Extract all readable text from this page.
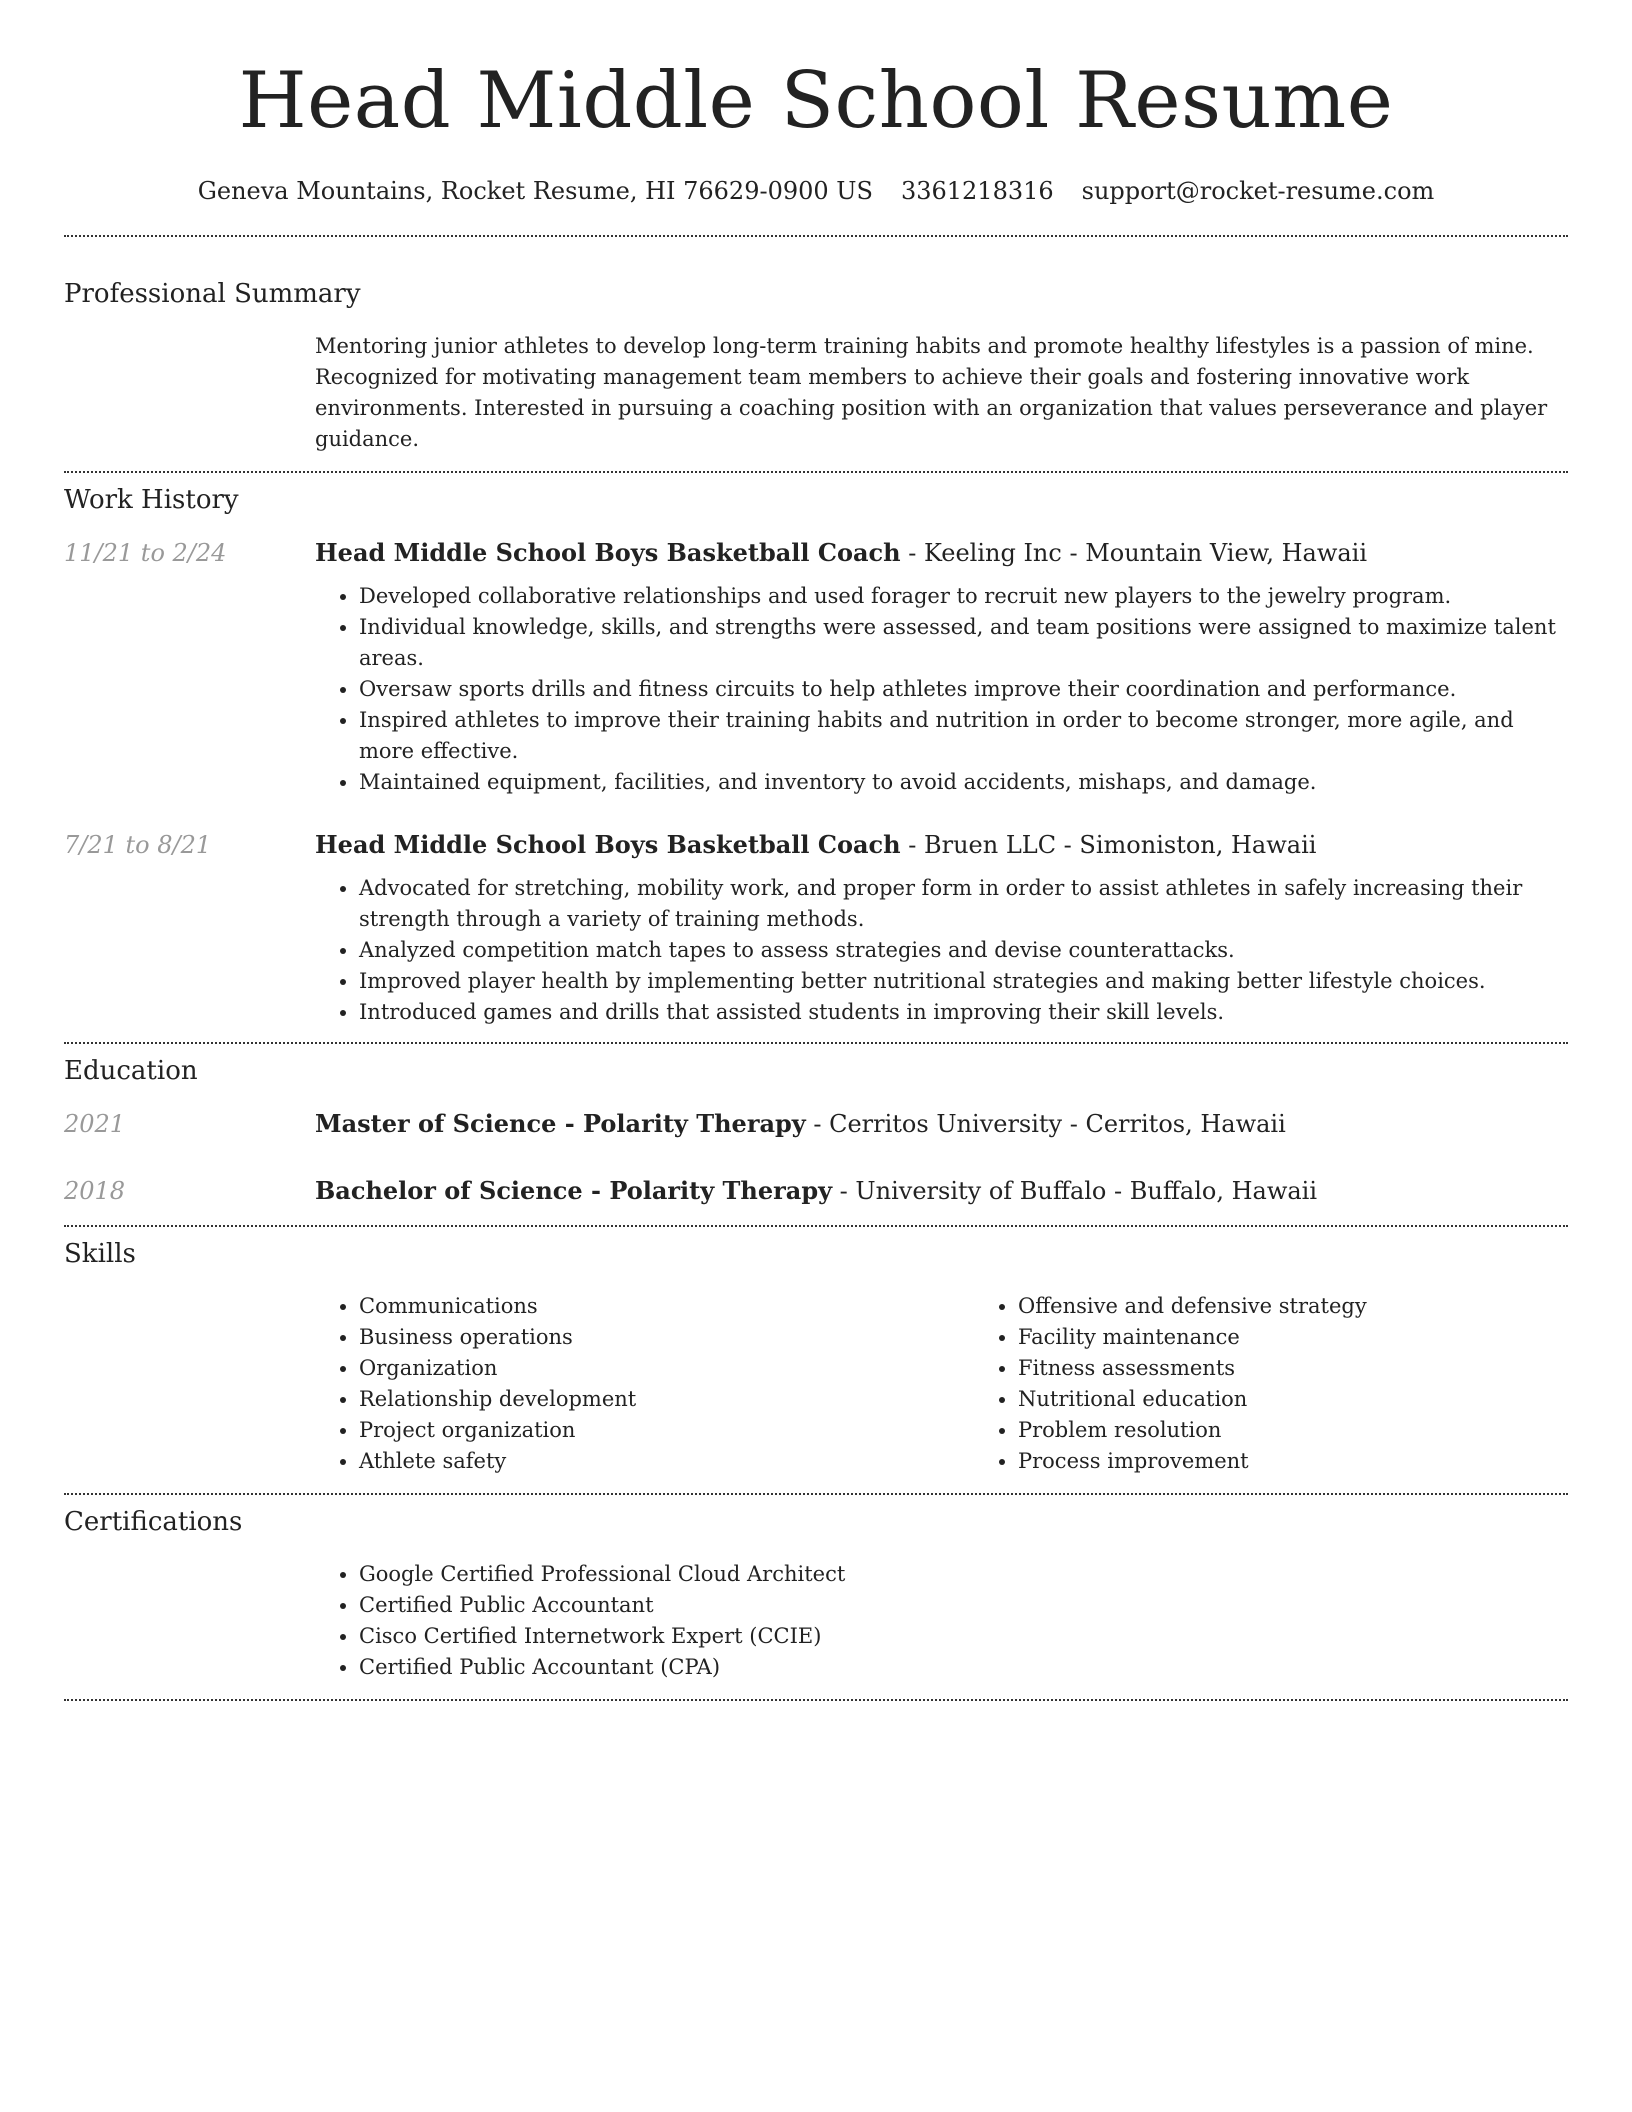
Head Middle School Resume
Geneva Mountains, Rocket Resume, HI 76629-0900 US 3361218316 support@rocket-resume.com
Professional Summary
Mentoring junior athletes to develop long-term training habits and promote healthy lifestyles is a passion of mine. Recognized for motivating management team members to achieve their goals and fostering innovative work environments. Interested in pursuing a coaching position with an organization that values perseverance and player guidance.
Work History
11/21 to 2/24	Head Middle School Boys Basketball Coach - Keeling Inc - Mountain View, Hawaii
• Developed collaborative relationships and used forager to recruit new players to the jewelry program.
• Individual knowledge, skills, and strengths were assessed, and team positions were assigned to maximize talent areas.
• Oversaw sports drills and fitness circuits to help athletes improve their coordination and performance.
• Inspired athletes to improve their training habits and nutrition in order to become stronger, more agile, and more effective.
• Maintained equipment, facilities, and inventory to avoid accidents, mishaps, and damage.
7/21 to 8/21	Head Middle School Boys Basketball Coach - Bruen LLC - Simoniston, Hawaii
• Advocated for stretching, mobility work, and proper form in order to assist athletes in safely increasing their strength through a variety of training methods.
• Analyzed competition match tapes to assess strategies and devise counterattacks.
• Improved player health by implementing better nutritional strategies and making better lifestyle choices.
• Introduced games and drills that assisted students in improving their skill levels.
Education
2021	Master of Science - Polarity Therapy - Cerritos University - Cerritos, Hawaii
2018	Bachelor of Science - Polarity Therapy - University of Buffalo - Buffalo, Hawaii
Skills
• Communications
• Business operations
• Organization
• Relationship development
• Project organization
• Athlete safety
• Offensive and defensive strategy
• Facility maintenance
• Fitness assessments
• Nutritional education
• Problem resolution
• Process improvement
Certifications
• Google Certified Professional Cloud Architect
• Certified Public Accountant
• Cisco Certified Internetwork Expert (CCIE)
• Certified Public Accountant (CPA)
